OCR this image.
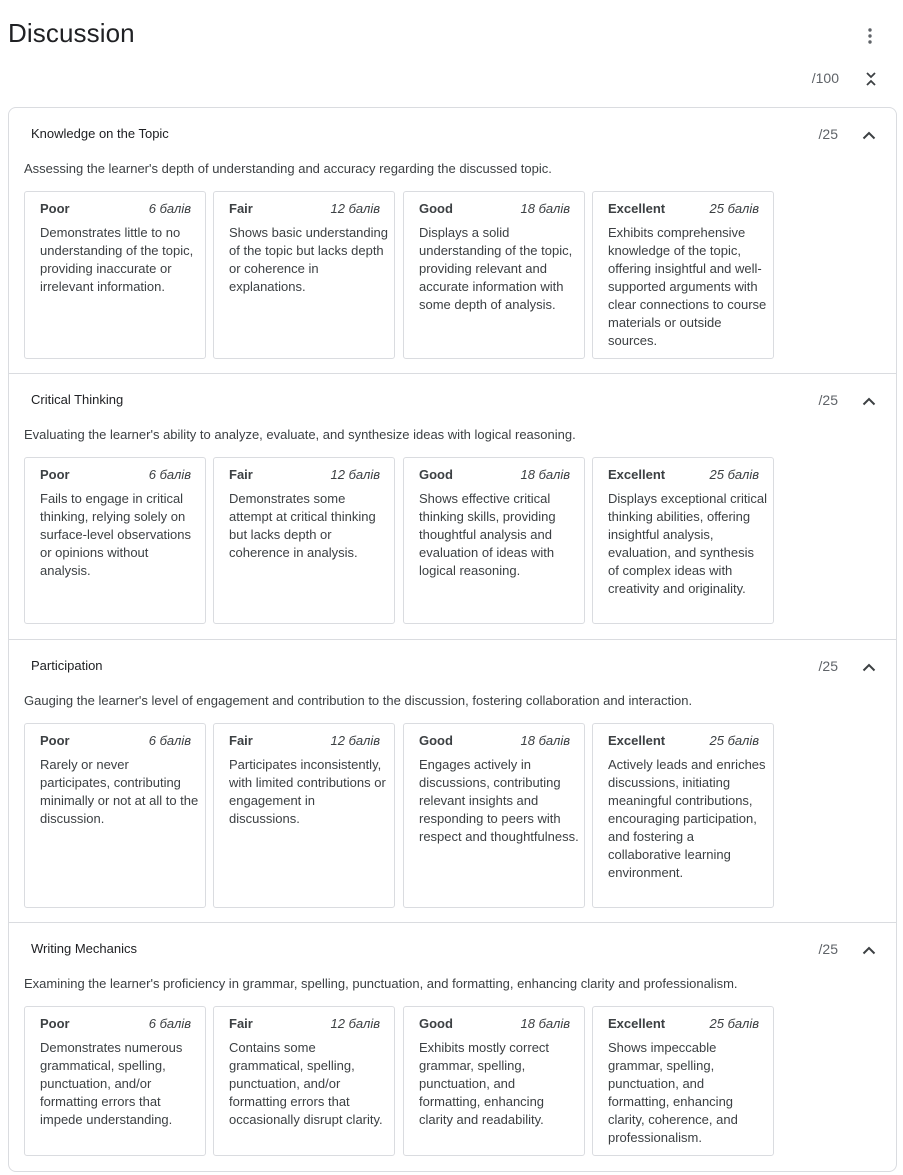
Discussion
/100
Knowledge on the Topic	/25
Assessing the learner's depth of understanding and accuracy regarding the discussed topic.
Poor	6 балів
Demonstrates little to no understanding of the topic, providing inaccurate or irrelevant information.
Fair	12 балів
Shows basic understanding of the topic but lacks depth or coherence in explanations.
Good	18 балів
Displays a solid understanding of the topic, providing relevant and accurate information with some depth of analysis.
Excellent	25 балів
Exhibits comprehensive knowledge of the topic, offering insightful and well-supported arguments with clear connections to course materials or outside sources.
Critical Thinking	/25
Evaluating the learner's ability to analyze, evaluate, and synthesize ideas with logical reasoning.
Poor	6 балів
Fails to engage in critical thinking, relying solely on surface-level observations or opinions without analysis.
Fair	12 балів
Demonstrates some attempt at critical thinking but lacks depth or coherence in analysis.
Good	18 балів
Shows effective critical thinking skills, providing thoughtful analysis and evaluation of ideas with logical reasoning.
Excellent	25 балів
Displays exceptional critical thinking abilities, offering insightful analysis, evaluation, and synthesis of complex ideas with creativity and originality.
Participation	/25
Gauging the learner's level of engagement and contribution to the discussion, fostering collaboration and interaction.
Poor	6 балів
Rarely or never participates, contributing minimally or not at all to the discussion.
Fair	12 балів
Participates inconsistently, with limited contributions or engagement in discussions.
Good	18 балів
Engages actively in discussions, contributing relevant insights and responding to peers with respect and thoughtfulness.
Excellent	25 балів
Actively leads and enriches discussions, initiating meaningful contributions, encouraging participation, and fostering a collaborative learning environment.
Writing Mechanics	/25
Examining the learner's proficiency in grammar, spelling, punctuation, and formatting, enhancing clarity and professionalism.
Poor	6 балів
Demonstrates numerous grammatical, spelling, punctuation, and/or formatting errors that impede understanding.
Fair	12 балів
Contains some grammatical, spelling, punctuation, and/or formatting errors that occasionally disrupt clarity.
Good	18 балів
Exhibits mostly correct grammar, spelling, punctuation, and formatting, enhancing clarity and readability.
Excellent	25 балів
Shows impeccable grammar, spelling, punctuation, and formatting, enhancing clarity, coherence, and professionalism.
